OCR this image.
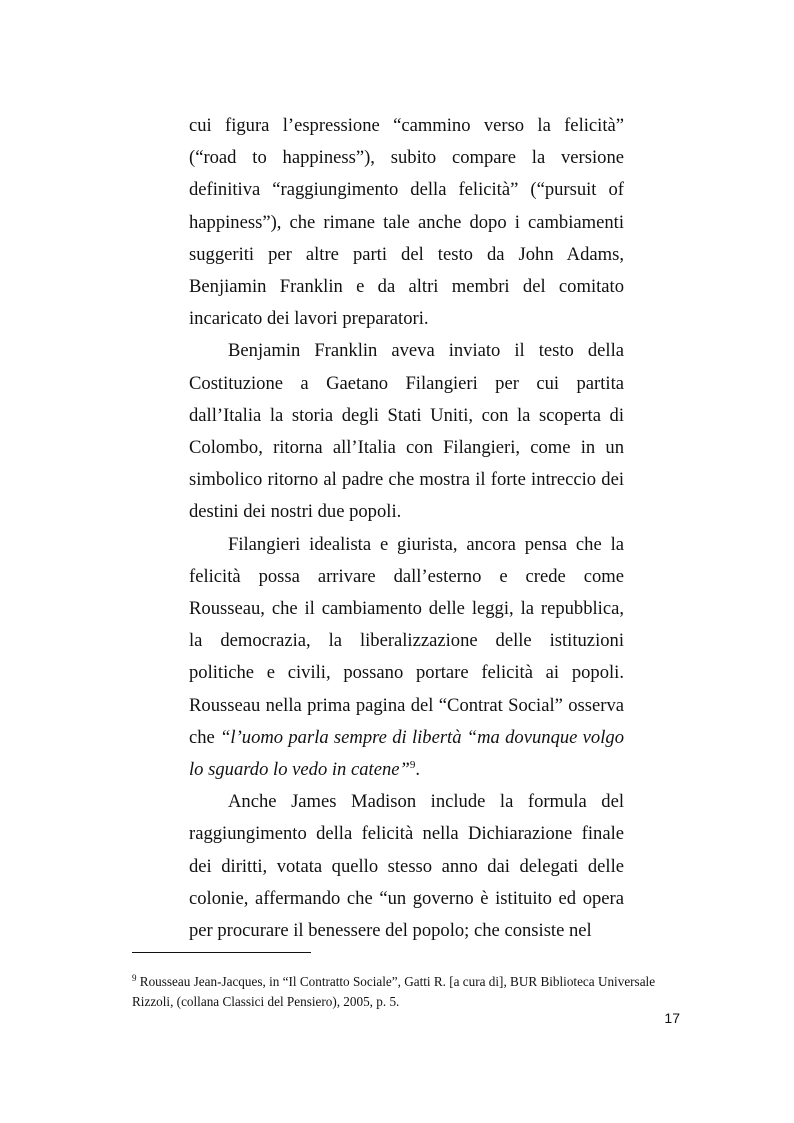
cui figura l’espressione “cammino verso la felicità” (“road to happiness”), subito compare la versione definitiva “raggiungimento della felicità” (“pursuit of happiness”), che rimane tale anche dopo i cambiamenti suggeriti per altre parti del testo da John Adams, Benjiamin Franklin e da altri membri del comitato incaricato dei lavori preparatori.

Benjamin Franklin aveva inviato il testo della Costituzione a Gaetano Filangieri per cui partita dall’Italia la storia degli Stati Uniti, con la scoperta di Colombo, ritorna all’Italia con Filangieri, come in un simbolico ritorno al padre che mostra il forte intreccio dei destini dei nostri due popoli.

Filangieri idealista e giurista, ancora pensa che la felicità possa arrivare dall’esterno e crede come Rousseau, che il cambiamento delle leggi, la repubblica, la democrazia, la liberalizzazione delle istituzioni politiche e civili, possano portare felicità ai popoli. Rousseau nella prima pagina del “Contrat Social” osserva che “l’uomo parla sempre di libertà “ma dovunque volgo lo sguardo lo vedo in catene”$^9$.

Anche James Madison include la formula del raggiungimento della felicità nella Dichiarazione finale dei diritti, votata quello stesso anno dai delegati delle colonie, affermando che “un governo è istituito ed opera per procurare il benessere del popolo; che consiste nel

$^9$ Rousseau Jean-Jacques, in “Il Contratto Sociale”, Gatti R. [a cura di], BUR Biblioteca Universale Rizzoli, (collana Classici del Pensiero), 2005, p. 5.
17
